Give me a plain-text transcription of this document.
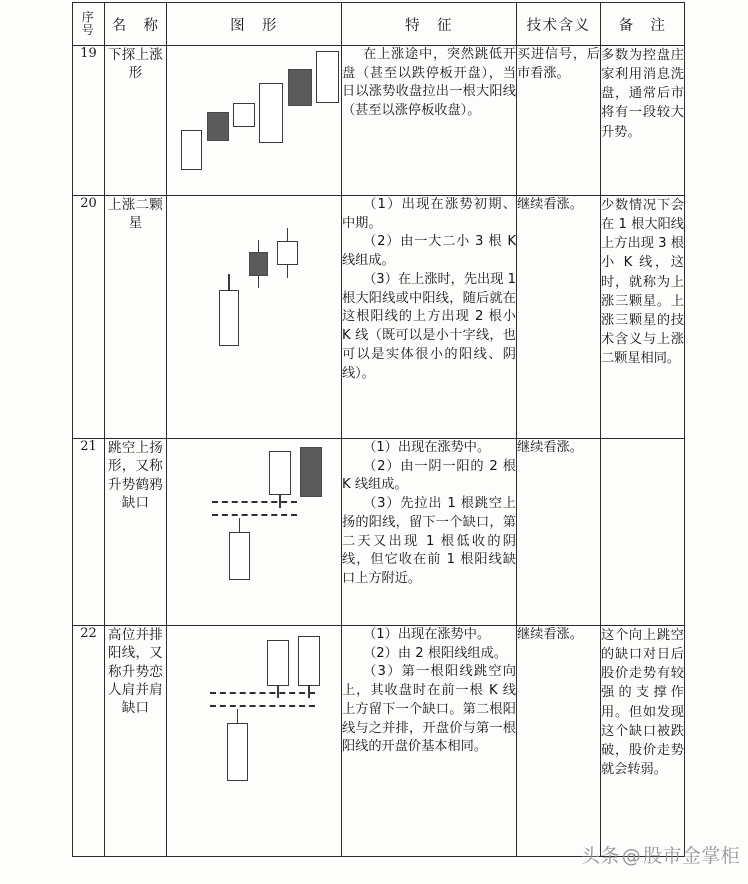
序
号	名　称	图　形	特　征	技术含义	备　注

19	下探上涨形		在上涨途中，突然跳低开盘（甚至以跌停板开盘），当日以涨势收盘拉出一根大阳线（甚至以涨停板收盘）。	买进信号，后市看涨。	多数为控盘庄家利用消息洗盘，通常后市将有一段较大升势。
20	上涨二颗星		（1）出现在涨势初期、中期。

（2）由一大二小 3 根 K 线组成。

（3）在上涨时，先出现 1 根大阳线或中阳线，随后就在这根阳线的上方出现 2 根小 K 线（既可以是小十字线，也可以是实体很小的阳线、阴线）。	继续看涨。	少数情况下会在 1 根大阳线上方出现 3 根小 K 线，这时，就称为上涨三颗星。上涨三颗星的技术含义与上涨二颗星相同。
21	跳空上扬形，又称升势鹤鸦缺口		（1）出现在涨势中。

（2）由一阴一阳的 2 根 K 线组成。

（3）先拉出 1 根跳空上扬的阳线，留下一个缺口，第二天又出现 1 根低收的阴线，但它收在前 1 根阳线缺口上方附近。	继续看涨。	
22	高位并排阳线，又称升势恋人肩并肩缺口		（1）出现在涨势中。

（2）由 2 根阳线组成。

（3）第一根阳线跳空向上，其收盘时在前一根 K 线上方留下一个缺口。第二根阳线与之并排，开盘价与第一根阳线的开盘价基本相同。	继续看涨。	这个向上跳空的缺口对日后股价走势有较强的支撑作用。但如发现这个缺口被跌破，股价走势就会转弱。
头条 @ 股市金掌柜
